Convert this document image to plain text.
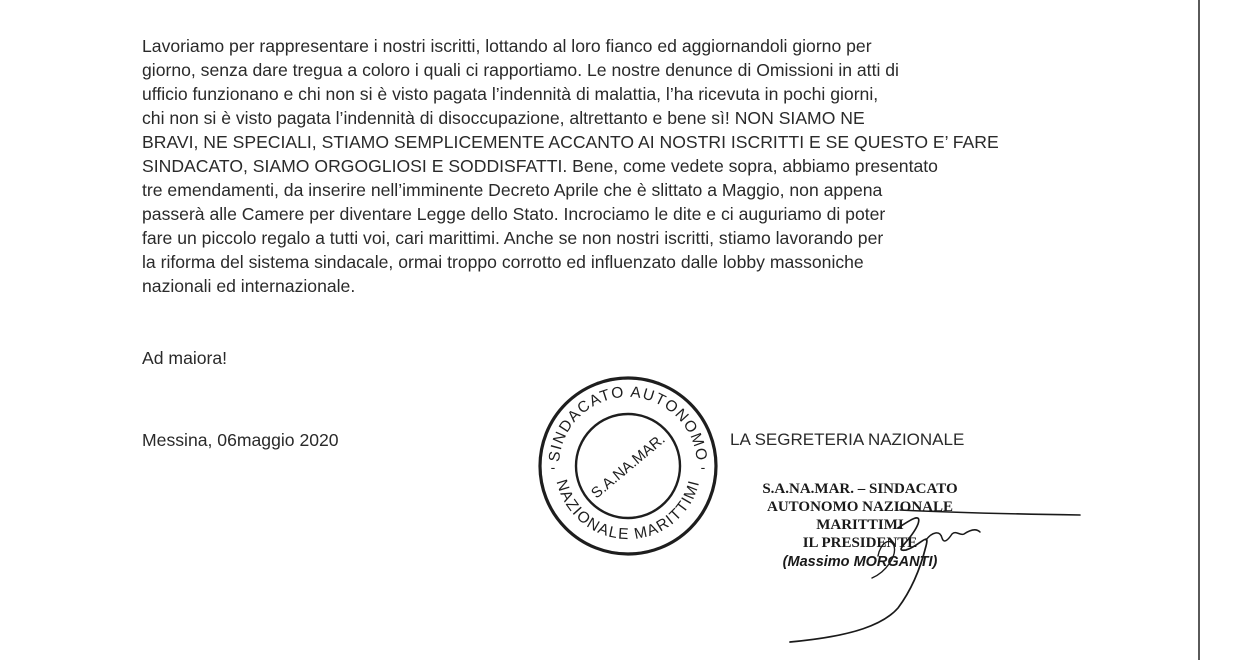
Lavoriamo per rappresentare i nostri iscritti, lottando al loro fianco ed aggiornandoli giorno per
giorno, senza dare tregua a coloro i quali ci rapportiamo. Le nostre denunce di Omissioni in atti di
ufficio funzionano e chi non si è visto pagata l’indennità di malattia, l’ha ricevuta in pochi giorni,
chi non si è visto pagata l’indennità di disoccupazione, altrettanto e bene sì! NON SIAMO NE
BRAVI, NE SPECIALI, STIAMO SEMPLICEMENTE ACCANTO AI NOSTRI ISCRITTI E SE QUESTO E’ FARE
SINDACATO, SIAMO ORGOGLIOSI E SODDISFATTI. Bene, come vedete sopra, abbiamo presentato
tre emendamenti, da inserire nell’imminente Decreto Aprile che è slittato a Maggio, non appena
passerà alle Camere per diventare Legge dello Stato. Incrociamo le dite e ci auguriamo di poter
fare un piccolo regalo a tutti voi, cari marittimi. Anche se non nostri iscritti, stiamo lavorando per
la riforma del sistema sindacale, ormai troppo corrotto ed influenzato dalle lobby massoniche
nazionali ed internazionale.
Ad maiora!
Messina, 06maggio 2020	LA SEGRETERIA NAZIONALE
SINDACATO AUTONOMO
NAZIONALE MARITTIMI
-	-
S.A.NA.MAR.	S.A.NA.MAR. – SINDACATO
AUTONOMO NAZIONALE
MARITTIMI
IL PRESIDENTE
(Massimo MORGANTI)
